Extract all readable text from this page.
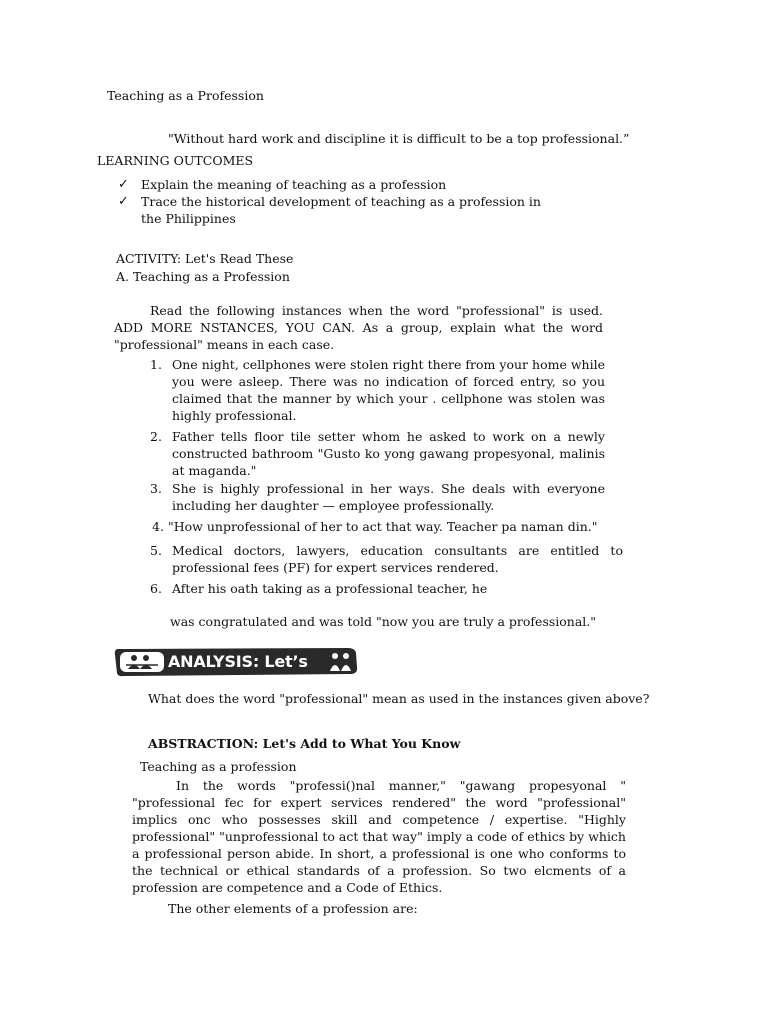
Teaching as a Profession
"Without hard work and discipline it is difficult to be a top professional.”
LEARNING OUTCOMES
✓ Explain the meaning of teaching as a profession
✓ Trace the historical development of teaching as a profession in the Philippines
ACTIVITY: Let's Read These
A. Teaching as a Profession
Read the following instances when the word "professional" is used. ADD MORE NSTANCES, YOU CAN. As a group, explain what the word "professional" means in each case.
1. One night, cellphones were stolen right there from your home while you were asleep. There was no indication of forced entry, so you claimed that the manner by which your . cellphone was stolen was highly professional.
2. Father tells floor tile setter whom he asked to work on a newly constructed bathroom "Gusto ko yong gawang propesyonal, malinis at maganda."
3. She is highly professional in her ways. She deals with everyone including her daughter — employee professionally.
4. "How unprofessional of her to act that way. Teacher pa naman din."
5. Medical doctors, lawyers, education consultants are entitled to professional fees (PF) for expert services rendered.
6. After his oath taking as a professional teacher, he
was congratulated and was told "now you are truly a professional."
ANALYSIS: Let’s Analyze
What does the word "professional" mean as used in the instances given above?
ABSTRACTION: Let's Add to What You Know
Teaching as a profession
In the words "professi()nal manner," "gawang propesyonal " "professional fec for expert services rendered" the word "professional" implics onc who possesses skill and competence / expertise. "Highly professional" "unprofessional to act that way" imply a code of ethics by which a professional person abide. In short, a professional is one who conforms to the technical or ethical standards of a profession. So two elcments of a profession are competence and a Code of Ethics.
The other elements of a profession are:
